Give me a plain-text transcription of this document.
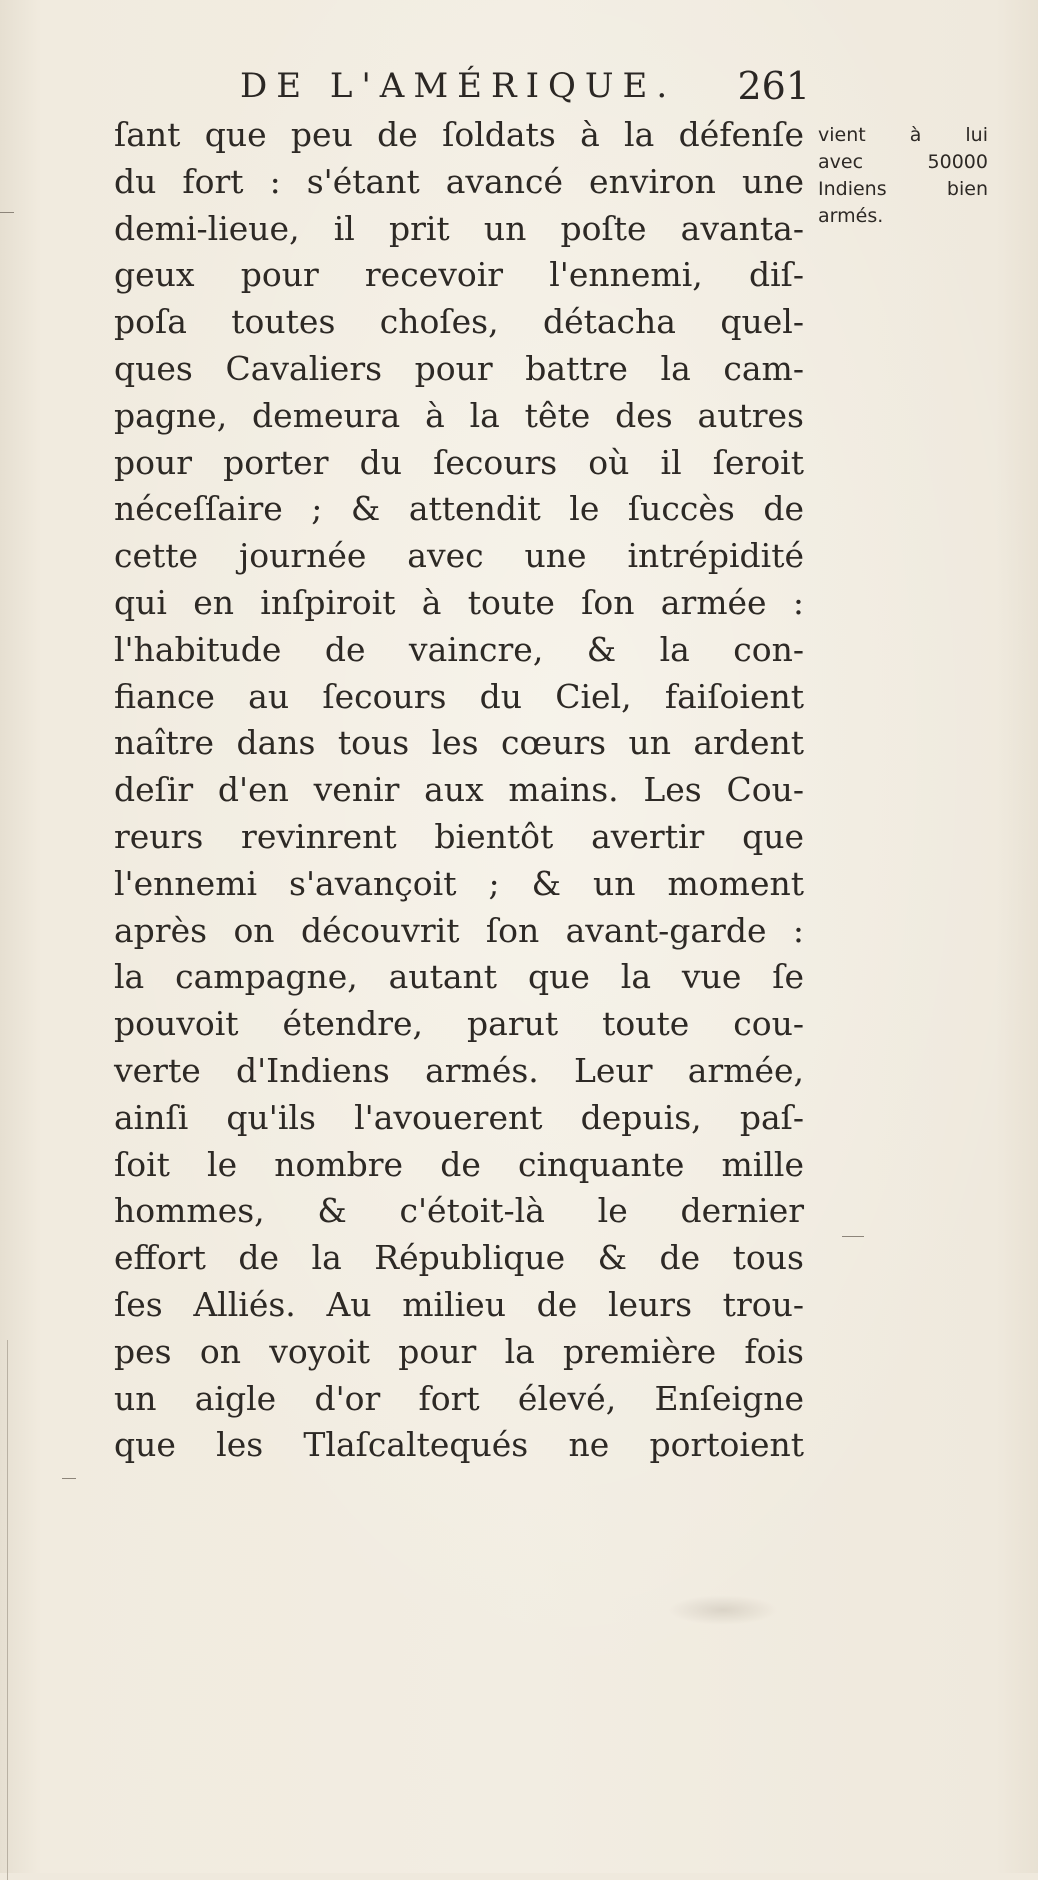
DE L'AMÉRIQUE. 261
ſant que peu de ſoldats à la défenſe
du fort : s'étant avancé environ une
demi-lieue, il prit un poſte avanta-
geux pour recevoir l'ennemi, diſ-
poſa toutes choſes, détacha quel-
ques Cavaliers pour battre la cam-
pagne, demeura à la tête des autres
pour porter du ſecours où il ſeroit
néceſſaire ; & attendit le ſuccès de
cette journée avec une intrépidité
qui en inſpiroit à toute ſon armée :
l'habitude de vaincre, & la con-
fiance au ſecours du Ciel, faiſoient
naître dans tous les cœurs un ardent
deſir d'en venir aux mains. Les Cou-
reurs revinrent bientôt avertir que
l'ennemi s'avançoit ; & un moment
après on découvrit ſon avant-garde :
la campagne, autant que la vue ſe
pouvoit étendre, parut toute cou-
verte d'Indiens armés. Leur armée,
ainſi qu'ils l'avouerent depuis, paſ-
ſoit le nombre de cinquante mille
hommes, & c'étoit-là le dernier
effort de la République & de tous
ſes Alliés. Au milieu de leurs trou-
pes on voyoit pour la première fois
un aigle d'or fort élevé, Enſeigne
que les Tlaſcaltequés ne portoient
vient à lui
avec 50000
Indiens bien
armés.
